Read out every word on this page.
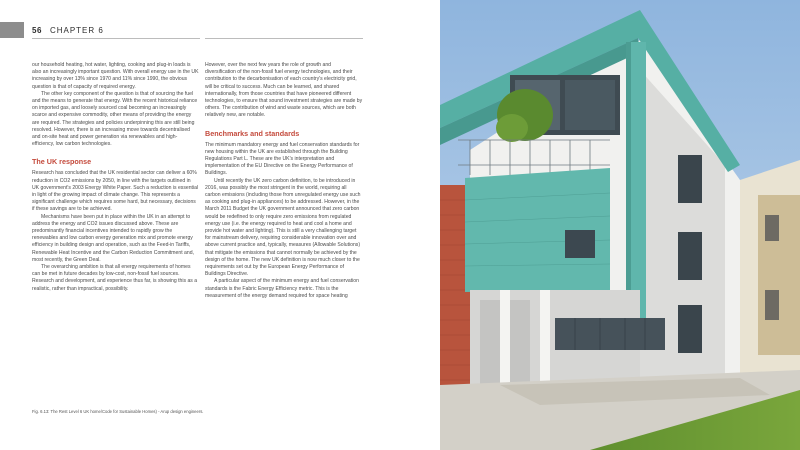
56 CHAPTER 6

our household heating, hot water, lighting, cooking and plug-in loads is also an increasingly important question. With overall energy use in the UK increasing by over 13% since 1970 and 11% since 1990, the obvious question is that of capacity of required energy.

The other key component of the question is that of sourcing the fuel and the means to generate that energy. With the recent historical reliance on imported gas, and loosely sourced coal becoming an increasingly scarce and expensive commodity, other means of providing the energy are required. The strategies and policies underpinning this are still being resolved. However, there is an increasing move towards decentralised and on-site heat and power generation via renewables and high-efficiency, low carbon technologies.

The UK response

Research has concluded that the UK residential sector can deliver a 60% reduction in CO2 emissions by 2050, in line with the targets outlined in UK government's 2003 Energy White Paper. Such a reduction is essential in light of the growing impact of climate change. This represents a significant challenge which requires some hard, but necessary, decisions if these savings are to be achieved.

Mechanisms have been put in place within the UK in an attempt to address the energy and CO2 issues discussed above. These are predominantly financial incentives intended to rapidly grow the renewables and low carbon energy generation mix and promote energy efficiency in building design and operation, such as the Feed-in Tariffs, Renewable Heat Incentive and the Carbon Reduction Commitment and, most recently, the Green Deal.

The overarching ambition is that all energy requirements of homes can be met in future decades by low-cost, non-fossil fuel sources. Research and development, and experience thus far, is showing this as a realistic, rather than impractical, possibility.

However, over the next few years the role of growth and diversification of the non-fossil fuel energy technologies, and their contribution to the decarbonisation of each country's electricity grid, will be critical to success. Much can be learned, and shared internationally, from those countries that have pioneered different technologies, to ensure that sound investment strategies are made by others. The contribution of wind and waste sources, which are both relatively new, are notable.

Benchmarks and standards

The minimum mandatory energy and fuel conservation standards for new housing within the UK are established through the Building Regulations Part L. These are the UK's interpretation and implementation of the EU Directive on the Energy Performance of Buildings.

Until recently the UK zero carbon definition, to be introduced in 2016, was possibly the most stringent in the world, requiring all carbon emissions (including those from unregulated energy use such as cooking and plug-in appliances) to be addressed. However, in the March 2011 Budget the UK government announced that zero carbon would be redefined to only require zero emissions from regulated energy use (i.e. the energy required to heat and cool a home and provide hot water and lighting). This is still a very challenging target for mainstream delivery, requiring considerable innovation over and above current practice and, typically, measures (Allowable Solutions) that mitigate the emissions that cannot normally be achieved by the design of the home. The new UK definition is now much closer to the requirements set out by the European Energy Performance of Buildings Directive.

A particular aspect of the minimum energy and fuel conservation standards is the Fabric Energy Efficiency metric. This is the measurement of the energy demand required for space heating

Fig. 6.13: The Rest Level 6 UK home/Code for Sustainable Homes) - Arup design engineers.
